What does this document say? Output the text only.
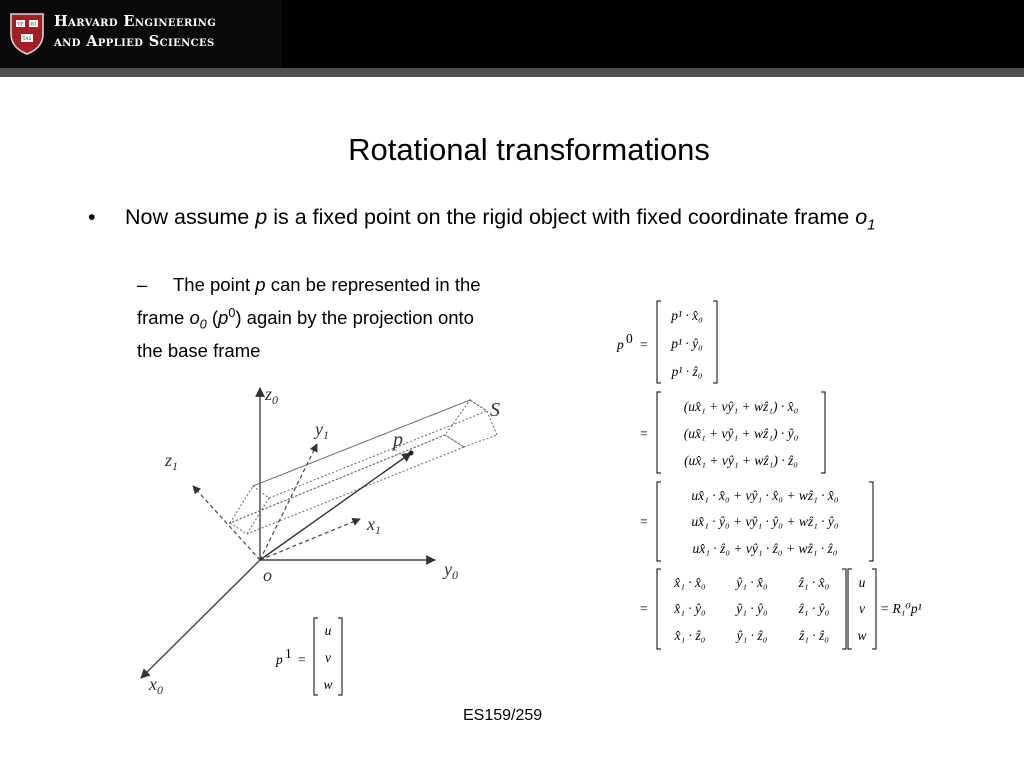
VE RI
TAS
Harvard Engineering
and Applied Sciences
Rotational transformations
• Now assume p is a fixed point on the rigid object with fixed coordinate frame $o_1$
– The point p can be represented in the
frame $o_0$ $(p^0)$ again by the projection onto
the base frame
$z_0$
$y_0$
$x_0$
o
$y_1$
$z_1$
$x_1$
p
S
p 1 =
u
v
w
p 0 =
p¹ · x̂₀
p¹ · ŷ₀
p¹ · ẑ₀
=
(ux̂₁ + vŷ₁ + wẑ₁) · x̂₀
(ux̂₁ + vŷ₁ + wẑ₁) · ŷ₀
(ux̂₁ + vŷ₁ + wẑ₁) · ẑ₀
=
ux̂₁ · x̂₀ + vŷ₁ · x̂₀ + wẑ₁ · x̂₀
ux̂₁ · ŷ₀ + vŷ₁ · ŷ₀ + wẑ₁ · ŷ₀
ux̂₁ · ẑ₀ + vŷ₁ · ẑ₀ + wẑ₁ · ẑ₀
=
x̂₁ · x̂₀ ŷ₁ · x̂₀ ẑ₁ · x̂₀
x̂₁ · ŷ₀ ŷ₁ · ŷ₀ ẑ₁ · ŷ₀
x̂₁ · ẑ₀ ŷ₁ · ẑ₀ ẑ₁ · ẑ₀
u
v
w
= R₁⁰p¹
ES159/259
